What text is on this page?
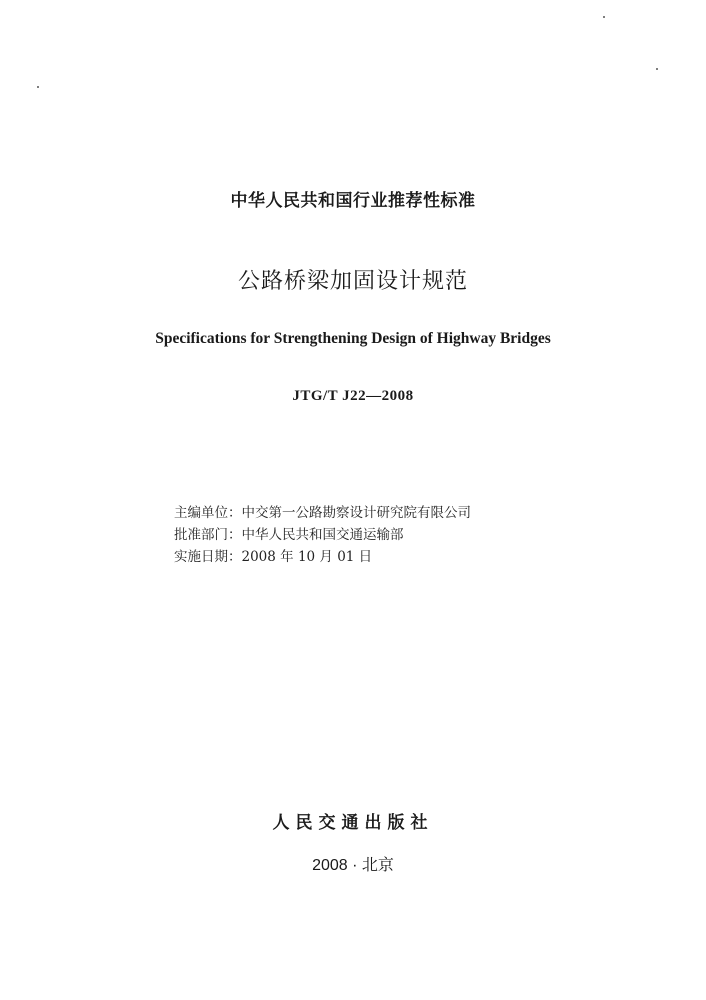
中华人民共和国行业推荐性标准
公路桥梁加固设计规范
Specifications for Strengthening Design of Highway Bridges
JTG/T J22—2008
主编单位：中交第一公路勘察设计研究院有限公司
批准部门：中华人民共和国交通运输部
实施日期：2008 年 10 月 01 日
人民交通出版社
2008 · 北京
